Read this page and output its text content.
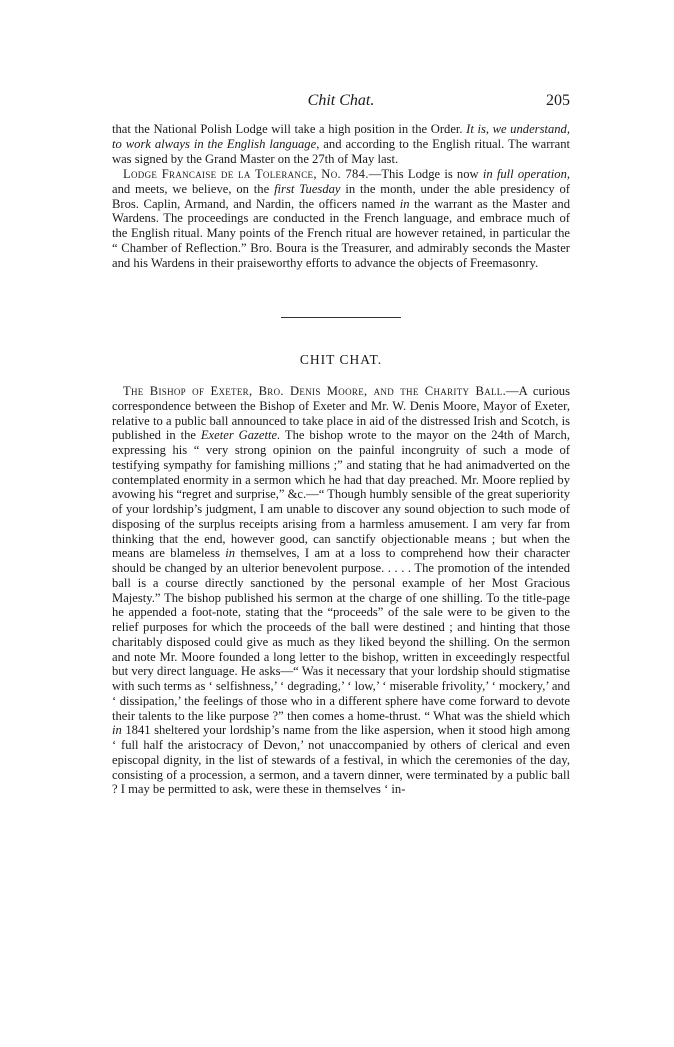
Chit Chat.	205

that the National Polish Lodge will take a high position in the Order. It is, we understand, to work always in the English language, and according to the English ritual. The warrant was signed by the Grand Master on the 27th of May last.

Lodge Francaise de la Tolerance, No. 784.—This Lodge is now in full operation, and meets, we believe, on the first Tuesday in the month, under the able presidency of Bros. Caplin, Armand, and Nardin, the officers named in the warrant as the Master and Wardens. The proceedings are conducted in the French language, and embrace much of the English ritual. Many points of the French ritual are however retained, in particular the “ Chamber of Reflection.” Bro. Boura is the Treasurer, and admirably seconds the Master and his Wardens in their praiseworthy efforts to advance the objects of Freemasonry.

CHIT CHAT.

The Bishop of Exeter, Bro. Denis Moore, and the Charity Ball.—A curious correspondence between the Bishop of Exeter and Mr. W. Denis Moore, Mayor of Exeter, relative to a public ball announced to take place in aid of the distressed Irish and Scotch, is published in the Exeter Gazette. The bishop wrote to the mayor on the 24th of March, expressing his “ very strong opinion on the painful incongruity of such a mode of testifying sympathy for famishing millions ;” and stating that he had animadverted on the contemplated enormity in a sermon which he had that day preached. Mr. Moore replied by avowing his “regret and surprise,” &c.—“ Though humbly sensible of the great superiority of your lordship’s judgment, I am unable to discover any sound objection to such mode of disposing of the surplus receipts arising from a harmless amusement. I am very far from thinking that the end, however good, can sanctify objectionable means ; but when the means are blameless in themselves, I am at a loss to comprehend how their character should be changed by an ulterior benevolent purpose. . . . . The promotion of the intended ball is a course directly sanctioned by the personal example of her Most Gracious Majesty.” The bishop published his sermon at the charge of one shilling. To the title-page he appended a foot-note, stating that the “proceeds” of the sale were to be given to the relief purposes for which the proceeds of the ball were destined ; and hinting that those charitably disposed could give as much as they liked beyond the shilling. On the sermon and note Mr. Moore founded a long letter to the bishop, written in exceedingly respectful but very direct language. He asks—“ Was it necessary that your lordship should stigmatise with such terms as ‘ selfishness,’ ‘ degrading,’ ‘ low,’ ‘ miserable frivolity,’ ‘ mockery,’ and ‘ dissipation,’ the feelings of those who in a different sphere have come forward to devote their talents to the like purpose ?” then comes a home-thrust. “ What was the shield which in 1841 sheltered your lordship’s name from the like aspersion, when it stood high among ‘ full half the aristocracy of Devon,’ not unaccompanied by others of clerical and even episcopal dignity, in the list of stewards of a festival, in which the ceremonies of the day, consisting of a procession, a sermon, and a tavern dinner, were terminated by a public ball ? I may be permitted to ask, were these in themselves ‘ in-
